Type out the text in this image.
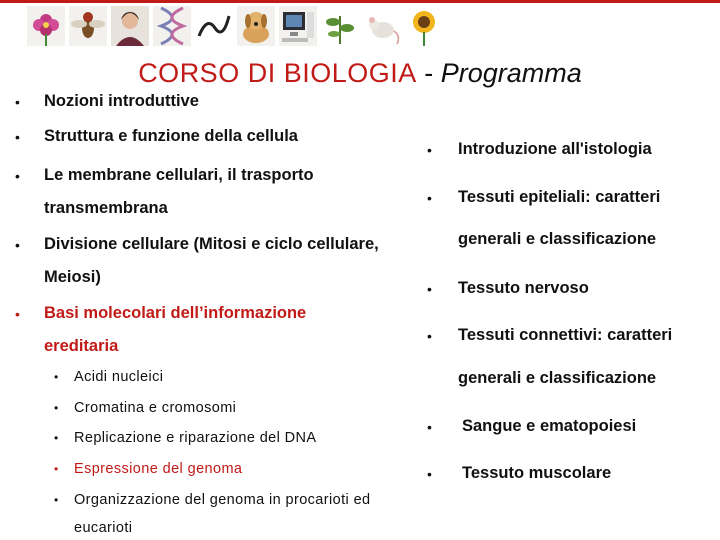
CORSO DI BIOLOGIA - Programma
• Nozioni introduttive
• Struttura e funzione della cellula
• Le membrane cellulari, il trasporto
transmembrana
• Divisione cellulare (Mitosi e ciclo cellulare,
Meiosi)
• Basi molecolari dell’informazione
ereditaria
• Acidi nucleici
• Cromatina e cromosomi
• Replicazione e riparazione del DNA
• Espressione del genoma
• Organizzazione del genoma in procarioti ed
eucarioti
• Introduzione all'istologia
• Tessuti epiteliali: caratteri
generali e classificazione
• Tessuto nervoso
• Tessuti connettivi: caratteri
generali e classificazione
• Sangue e ematopoiesi
• Tessuto muscolare
